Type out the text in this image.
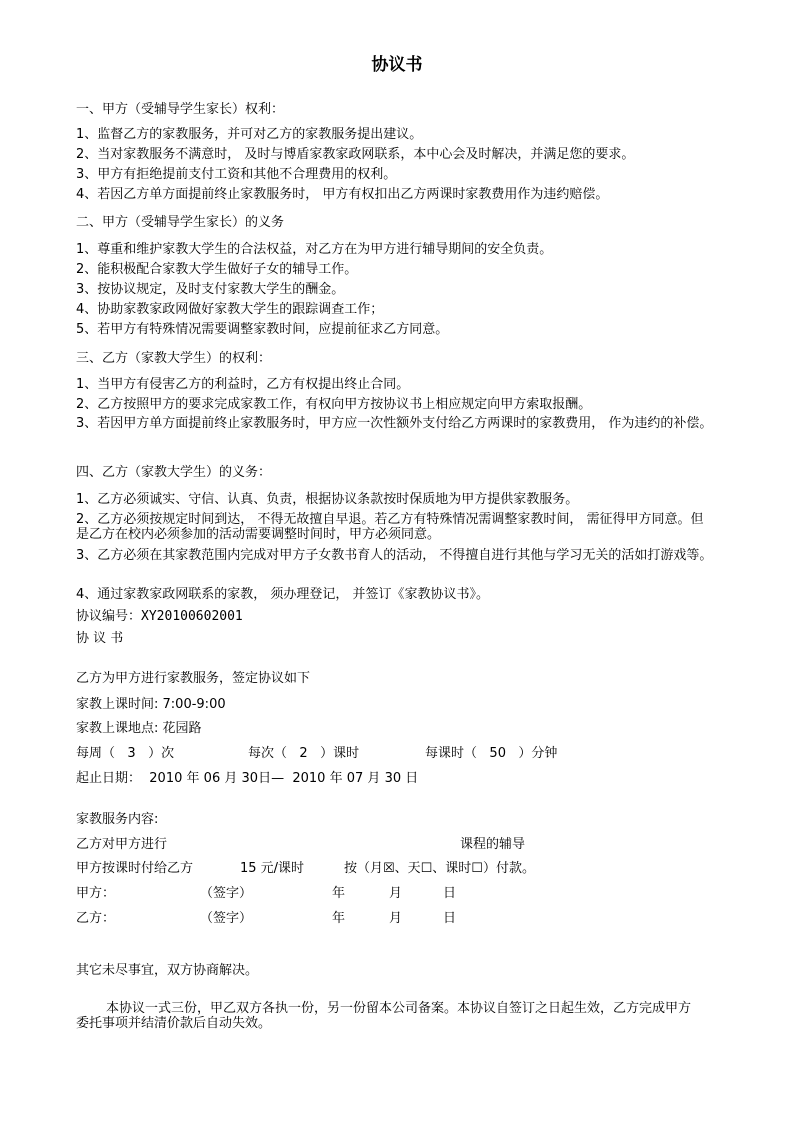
协议书
一、甲方（受辅导学生家长）权利：
1、监督乙方的家教服务，并可对乙方的家教服务提出建议。
2、当对家教服务不满意时， 及时与博盾家教家政网联系，本中心会及时解决，并满足您的要求。
3、甲方有拒绝提前支付工资和其他不合理费用的权利。
4、若因乙方单方面提前终止家教服务时， 甲方有权扣出乙方两课时家教费用作为违约赔偿。
二、甲方（受辅导学生家长）的义务
1、尊重和维护家教大学生的合法权益，对乙方在为甲方进行辅导期间的安全负责。
2、能积极配合家教大学生做好子女的辅导工作。
3、按协议规定，及时支付家教大学生的酬金。
4、协助家教家政网做好家教大学生的跟踪调查工作；
5、若甲方有特殊情况需要调整家教时间，应提前征求乙方同意。
三、乙方（家教大学生）的权利：
1、当甲方有侵害乙方的利益时，乙方有权提出终止合同。
2、乙方按照甲方的要求完成家教工作，有权向甲方按协议书上相应规定向甲方索取报酬。
3、若因甲方单方面提前终止家教服务时，甲方应一次性额外支付给乙方两课时的家教费用， 作为违约的补偿。
四、乙方（家教大学生）的义务：
1、乙方必须诚实、守信、认真、负责，根据协议条款按时保质地为甲方提供家教服务。
2、乙方必须按规定时间到达， 不得无故擅自早退。若乙方有特殊情况需调整家教时间， 需征得甲方同意。但是乙方在校内必须参加的活动需要调整时间时，甲方必须同意。
3、乙方必须在其家教范围内完成对甲方子女教书育人的活动， 不得擅自进行其他与学习无关的活如打游戏等。
4、通过家教家政网联系的家教， 须办理登记， 并签订《家教协议书》。
协议编号：XY20100602001
协 议 书
乙方为甲方进行家教服务，签定协议如下
家教上课时间: 7:00-9:00
家教上课地点: 花园路
每周（ 3 ）次	每次（ 2 ）课时	每课时（ 50 ）分钟
起止日期： 2010 年 06 月 30日— 2010 年 07 月 30 日
家教服务内容:
乙方对甲方进行	课程的辅导
甲方按课时付给乙方	15 元/课时	按（月☒、天☐、课时☐）付款。
甲方：	（签字）	年	月	日
乙方：	（签字）	年	月	日
其它未尽事宜，双方协商解决。
本协议一式三份，甲乙双方各执一份，另一份留本公司备案。本协议自签订之日起生效，乙方完成甲方委托事项并结清价款后自动失效。
